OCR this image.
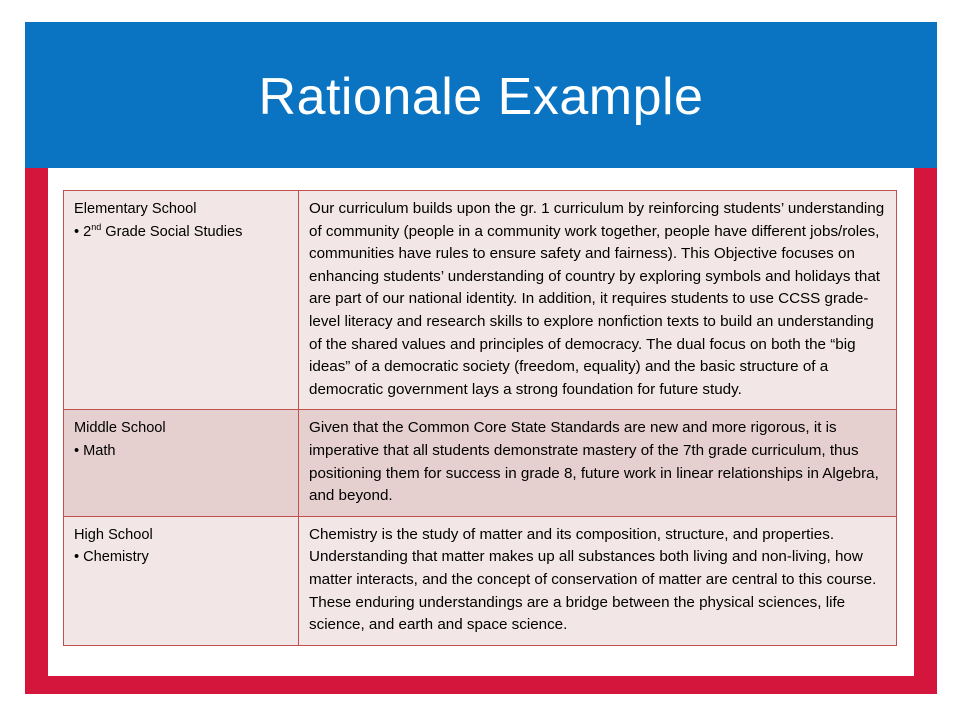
Rationale Example
Elementary School
• 2nd Grade Social Studies	Our curriculum builds upon the gr. 1 curriculum by reinforcing students’ understanding of community (people in a community work together, people have different jobs/roles, communities have rules to ensure safety and fairness). This Objective focuses on enhancing students’ understanding of country by exploring symbols and holidays that are part of our national identity. In addition, it requires students to use CCSS grade-level literacy and research skills to explore nonfiction texts to build an understanding of the shared values and principles of democracy. The dual focus on both the “big ideas” of a democratic society (freedom, equality) and the basic structure of a democratic government lays a strong foundation for future study.

Middle School
• Math	Given that the Common Core State Standards are new and more rigorous, it is imperative that all students demonstrate mastery of the 7th grade curriculum, thus positioning them for success in grade 8, future work in linear relationships in Algebra, and beyond.

High School
• Chemistry	Chemistry is the study of matter and its composition, structure, and properties. Understanding that matter makes up all substances both living and non-living, how matter interacts, and the concept of conservation of matter are central to this course. These enduring understandings are a bridge between the physical sciences, life science, and earth and space science.
